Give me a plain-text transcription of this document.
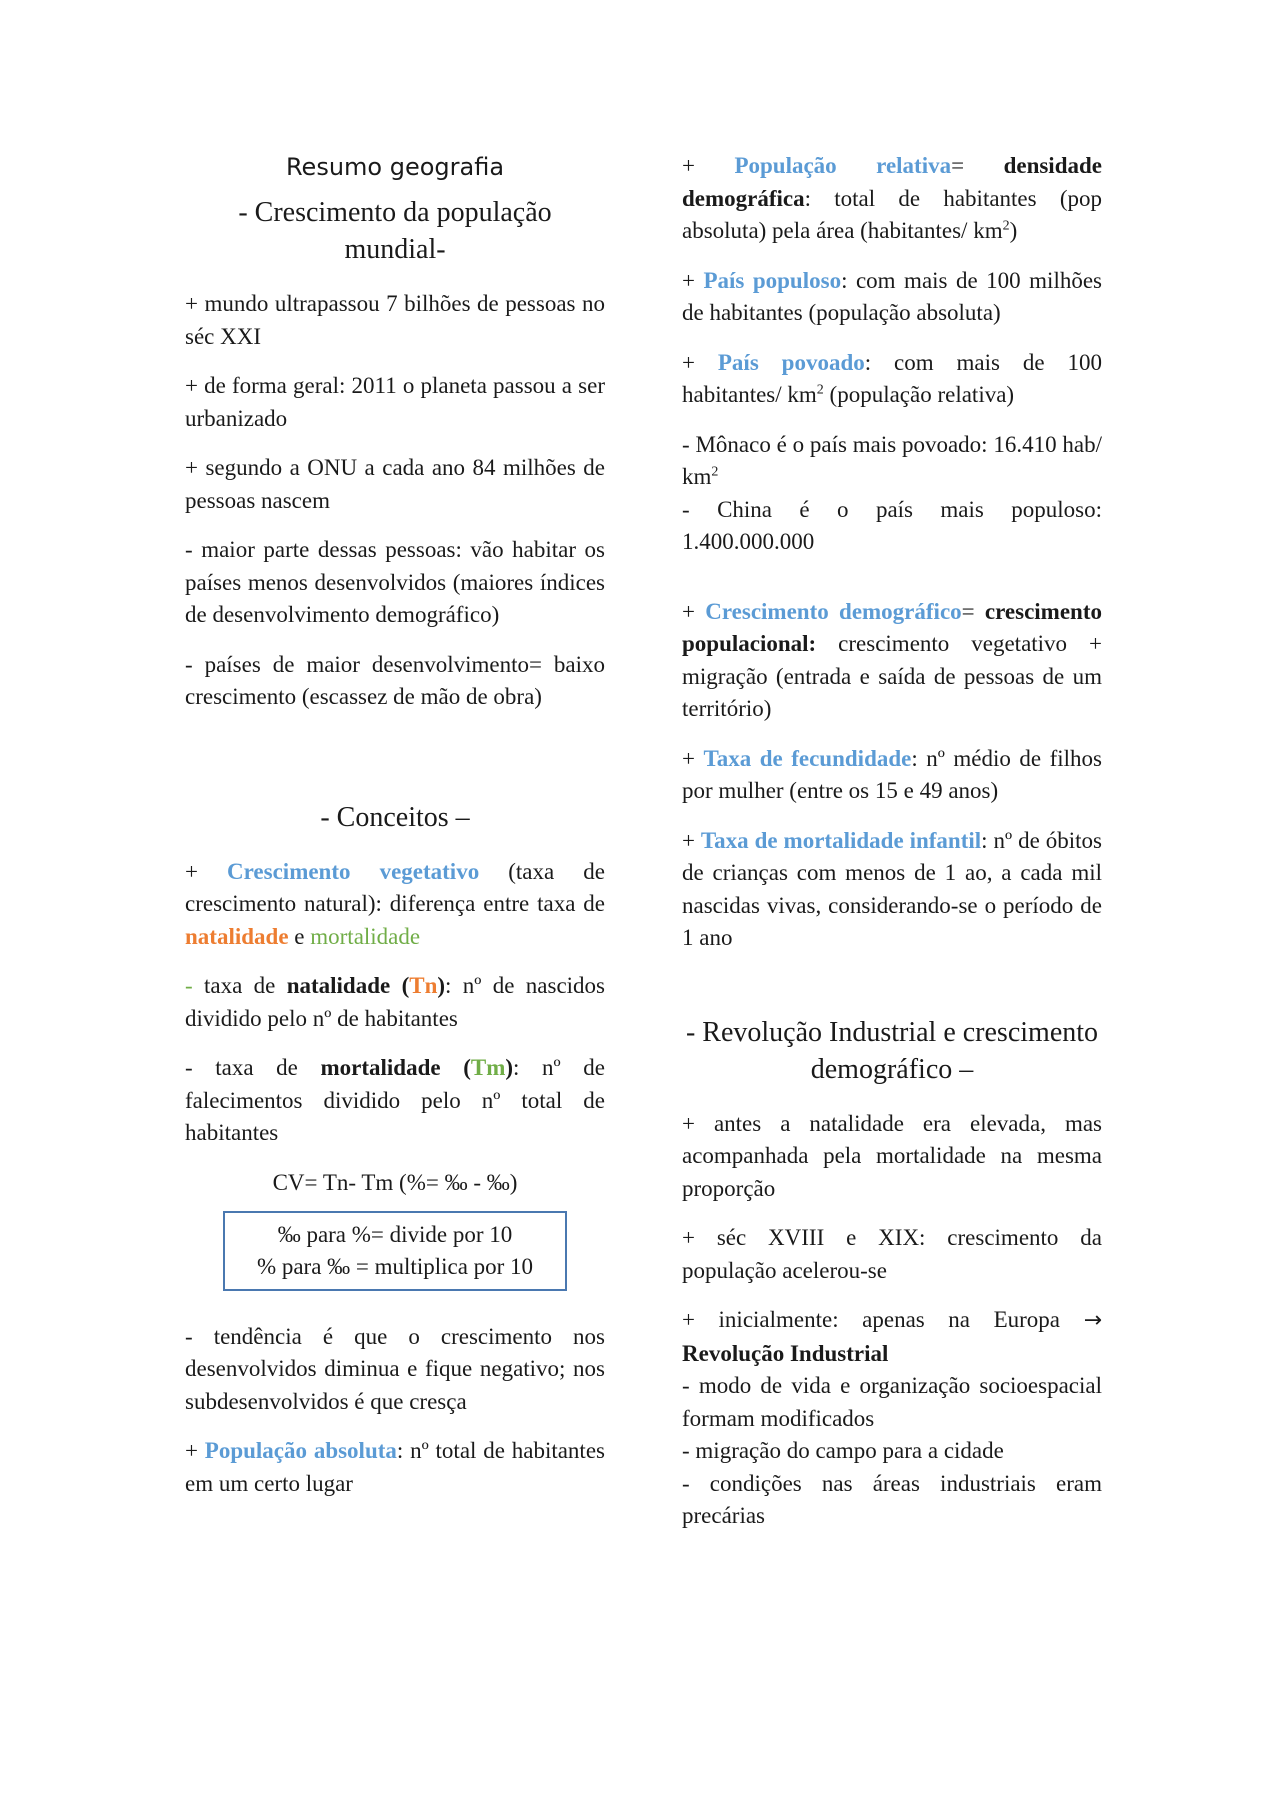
Resumo geografia
- Crescimento da população mundial-

+ mundo ultrapassou 7 bilhões de pessoas no séc XXI

+ de forma geral: 2011 o planeta passou a ser urbanizado

+ segundo a ONU a cada ano 84 milhões de pessoas nascem

- maior parte dessas pessoas: vão habitar os países menos desenvolvidos (maiores índices de desenvolvimento demográfico)

- países de maior desenvolvimento= baixo crescimento (escassez de mão de obra)

- Conceitos –

+ Crescimento vegetativo (taxa de crescimento natural): diferença entre taxa de natalidade e mortalidade

- taxa de natalidade (Tn): nº de nascidos dividido pelo nº de habitantes

- taxa de mortalidade (Tm): nº de falecimentos dividido pelo nº total de habitantes

CV= Tn- Tm (%= ‰ - ‰)
‰ para %= divide por 10
% para ‰ = multiplica por 10

- tendência é que o crescimento nos desenvolvidos diminua e fique negativo; nos subdesenvolvidos é que cresça

+ População absoluta: nº total de habitantes em um certo lugar

+ População relativa= densidade demográfica: total de habitantes (pop absoluta) pela área (habitantes/ $km^2$)

+ País populoso: com mais de 100 milhões de habitantes (população absoluta)

+ País povoado: com mais de 100 habitantes/ $km^2$ (população relativa)

- Mônaco é o país mais povoado: 16.410 hab/ $km^2$

- China é o país mais populoso: 1.400.000.000

+ Crescimento demográfico= crescimento populacional: crescimento vegetativo + migração (entrada e saída de pessoas de um território)

+ Taxa de fecundidade: nº médio de filhos por mulher (entre os 15 e 49 anos)

+ Taxa de mortalidade infantil: nº de óbitos de crianças com menos de 1 ao, a cada mil nascidas vivas, considerando-se o período de 1 ano

- Revolução Industrial e crescimento demográfico –

+ antes a natalidade era elevada, mas acompanhada pela mortalidade na mesma proporção

+ séc XVIII e XIX: crescimento da população acelerou-se

+ inicialmente: apenas na Europa → Revolução Industrial

- modo de vida e organização socioespacial formam modificados

- migração do campo para a cidade

- condições nas áreas industriais eram precárias
